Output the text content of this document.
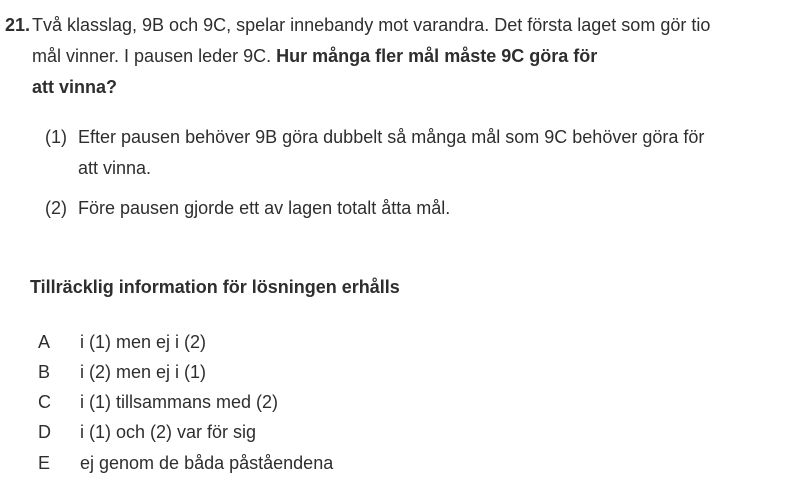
21. Två klasslag, 9B och 9C, spelar innebandy mot varandra. Det första laget som gör tio
mål vinner. I pausen leder 9C. Hur många fler mål måste 9C göra för
att vinna?
(1) Efter pausen behöver 9B göra dubbelt så många mål som 9C behöver göra för
att vinna.
(2) Före pausen gjorde ett av lagen totalt åtta mål.
Tillräcklig information för lösningen erhålls
A	i (1) men ej i (2)
B	i (2) men ej i (1)
C	i (1) tillsammans med (2)
D	i (1) och (2) var för sig
E	ej genom de båda påståendena
